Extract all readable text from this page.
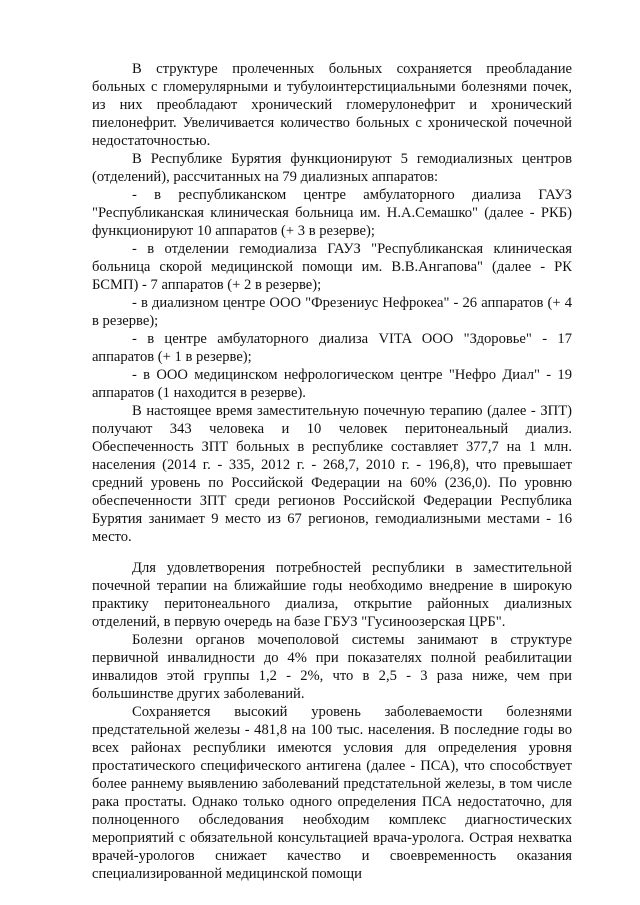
В структуре пролеченных больных сохраняется преобладание больных с гломерулярными и тубулоинтерстициальными болезнями почек, из них преобладают хронический гломерулонефрит и хронический пиелонефрит. Увеличивается количество больных с хронической почечной недостаточностью.

В Республике Бурятия функционируют 5 гемодиализных центров (отделений), рассчитанных на 79 диализных аппаратов:

- в республиканском центре амбулаторного диализа ГАУЗ "Республиканская клиническая больница им. Н.А.Семашко" (далее - РКБ) функционируют 10 аппаратов (+ 3 в резерве);

- в отделении гемодиализа ГАУЗ "Республиканская клиническая больница скорой медицинской помощи им. В.В.Ангапова" (далее - РК БСМП) - 7 аппаратов (+ 2 в резерве);

- в диализном центре ООО "Фрезениус Нефрокеа" - 26 аппаратов (+ 4 в резерве);

- в центре амбулаторного диализа VITA ООО "Здоровье" - 17 аппаратов (+ 1 в резерве);

- в ООО медицинском нефрологическом центре "Нефро Диал" - 19 аппаратов (1 находится в резерве).

В настоящее время заместительную почечную терапию (далее - ЗПТ) получают 343 человека и 10 человек перитонеальный диализ. Обеспеченность ЗПТ больных в республике составляет 377,7 на 1 млн. населения (2014 г. - 335, 2012 г. - 268,7, 2010 г. - 196,8), что превышает средний уровень по Российской Федерации на 60% (236,0). По уровню обеспеченности ЗПТ среди регионов Российской Федерации Республика Бурятия занимает 9 место из 67 регионов, гемодиализными местами - 16 место.

Для удовлетворения потребностей республики в заместительной почечной терапии на ближайшие годы необходимо внедрение в широкую практику перитонеального диализа, открытие районных диализных отделений, в первую очередь на базе ГБУЗ "Гусиноозерская ЦРБ".

Болезни органов мочеполовой системы занимают в структуре первичной инвалидности до 4% при показателях полной реабилитации инвалидов этой группы 1,2 - 2%, что в 2,5 - 3 раза ниже, чем при большинстве других заболеваний.

Сохраняется высокий уровень заболеваемости болезнями предстательной железы - 481,8 на 100 тыс. населения. В последние годы во всех районах республики имеются условия для определения уровня простатического специфического антигена (далее - ПСА), что способствует более раннему выявлению заболеваний предстательной железы, в том числе рака простаты. Однако только одного определения ПСА недостаточно, для полноценного обследования необходим комплекс диагностических мероприятий с обязательной консультацией врача-уролога. Острая нехватка врачей-урологов снижает качество и своевременность оказания специализированной медицинской помощи
